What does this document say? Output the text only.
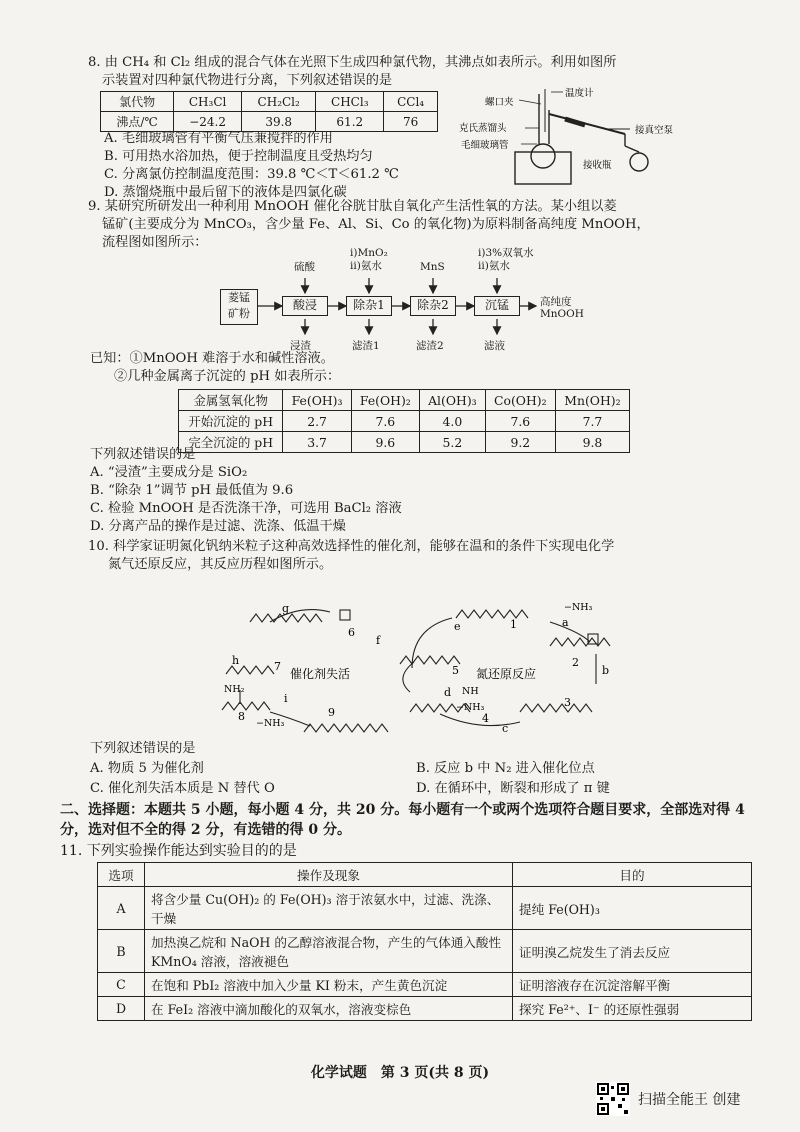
8. 由 CH₄ 和 Cl₂ 组成的混合气体在光照下生成四种氯代物，其沸点如表所示。利用如图所
示装置对四种氯代物进行分离，下列叙述错误的是
氯代物	CH₃Cl	CH₂Cl₂	CHCl₃	CCl₄
沸点/℃	−24.2	39.8	61.2	76
A. 毛细玻璃管有平衡气压兼搅拌的作用
B. 可用热水浴加热，便于控制温度且受热均匀
C. 分离氯仿控制温度范围：39.8 ℃＜T＜61.2 ℃
D. 蒸馏烧瓶中最后留下的液体是四氯化碳
温度计
螺口夹
克氏蒸馏头
毛细玻璃管
接真空泵
接收瓶
9. 某研究所研发出一种利用 MnOOH 催化谷胱甘肽自氧化产生活性氧的方法。某小组以菱
锰矿(主要成分为 MnCO₃，含少量 Fe、Al、Si、Co 的氧化物)为原料制备高纯度 MnOOH，
流程图如图所示：
菱锰
矿粉
酸浸	除杂1	除杂2	沉锰
硫酸
i)MnO₂
ii)氨水	MnS
i)3%双氧水
ii)氨水
浸渣	滤渣1	滤渣2	滤液
高纯度
MnOOH
已知：①MnOOH 难溶于水和碱性溶液。
②几种金属离子沉淀的 pH 如表所示：
金属氢氧化物	Fe(OH)₃	Fe(OH)₂	Al(OH)₃	Co(OH)₂	Mn(OH)₂
开始沉淀的 pH	2.7	7.6	4.0	7.6	7.7
完全沉淀的 pH	3.7	9.6	5.2	9.2	9.8
下列叙述错误的是
A. “浸渣”主要成分是 SiO₂
B. “除杂 1”调节 pH 最低值为 9.6
C. 检验 MnOOH 是否洗涤干净，可选用 BaCl₂ 溶液
D. 分离产品的操作是过滤、洗涤、低温干燥
10. 科学家证明氮化钒纳米粒子这种高效选择性的催化剂，能够在温和的条件下实现电化学
氮气还原反应，其反应历程如图所示。
6
1
2
3
4
5
7
8	9
a
b
c
d
e
f
g
h
i
催化剂失活	氮还原反应
−NH₃
−NH₃
−NH₃
NH₂	NH
下列叙述错误的是
A. 物质 5 为催化剂	B. 反应 b 中 N₂ 进入催化位点
C. 催化剂失活本质是 N 替代 O	D. 在循环中，断裂和形成了 π 键
二、选择题：本题共 5 小题，每小题 4 分，共 20 分。每小题有一个或两个选项符合题目要求，全部选对得 4 分，选对但不全的得 2 分，有选错的得 0 分。
11. 下列实验操作能达到实验目的的是
选项	操作及现象	目的
A	将含少量 Cu(OH)₂ 的 Fe(OH)₃ 溶于浓氨水中，过滤、洗涤、干燥	提纯 Fe(OH)₃
B	加热溴乙烷和 NaOH 的乙醇溶液混合物，产生的气体通入酸性 KMnO₄ 溶液，溶液褪色	证明溴乙烷发生了消去反应
C	在饱和 PbI₂ 溶液中加入少量 KI 粉末，产生黄色沉淀	证明溶液存在沉淀溶解平衡
D	在 FeI₂ 溶液中滴加酸化的双氧水，溶液变棕色	探究 Fe²⁺、I⁻ 的还原性强弱
化学试题　第 3 页(共 8 页)
扫描全能王 创建
